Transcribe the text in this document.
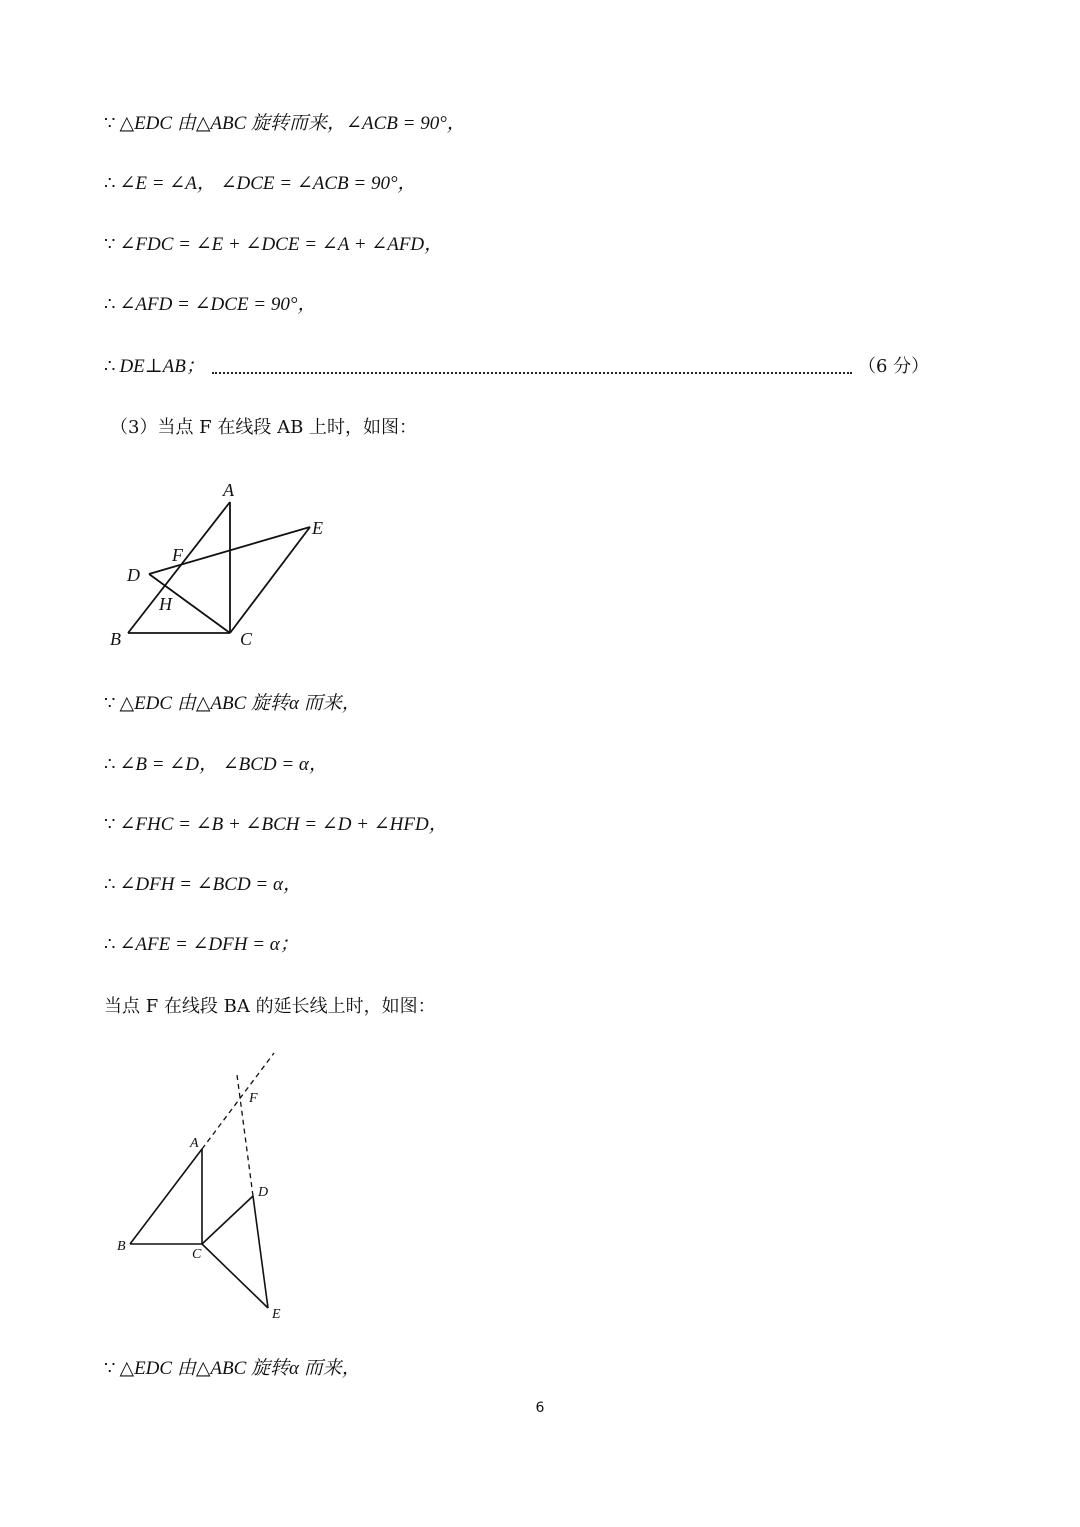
∵ △EDC 由△ABC 旋转而来，∠ACB = 90°，
∴ ∠E = ∠A， ∠DCE = ∠ACB = 90°，
∵ ∠FDC = ∠E + ∠DCE = ∠A + ∠AFD，
∴ ∠AFD = ∠DCE = 90°，
∴ DE⊥AB；	（6 分）
（3）当点 F 在线段 AB 上时，如图：
A
E
F
D
H
B	C
∵ △EDC 由△ABC 旋转α 而来，
∴ ∠B = ∠D， ∠BCD = α，
∵ ∠FHC = ∠B + ∠BCH = ∠D + ∠HFD，
∴ ∠DFH = ∠BCD = α，
∴ ∠AFE = ∠DFH = α；
当点 F 在线段 BA 的延长线上时，如图：
F
A
D
B
C
E
∵ △EDC 由△ABC 旋转α 而来，
6
